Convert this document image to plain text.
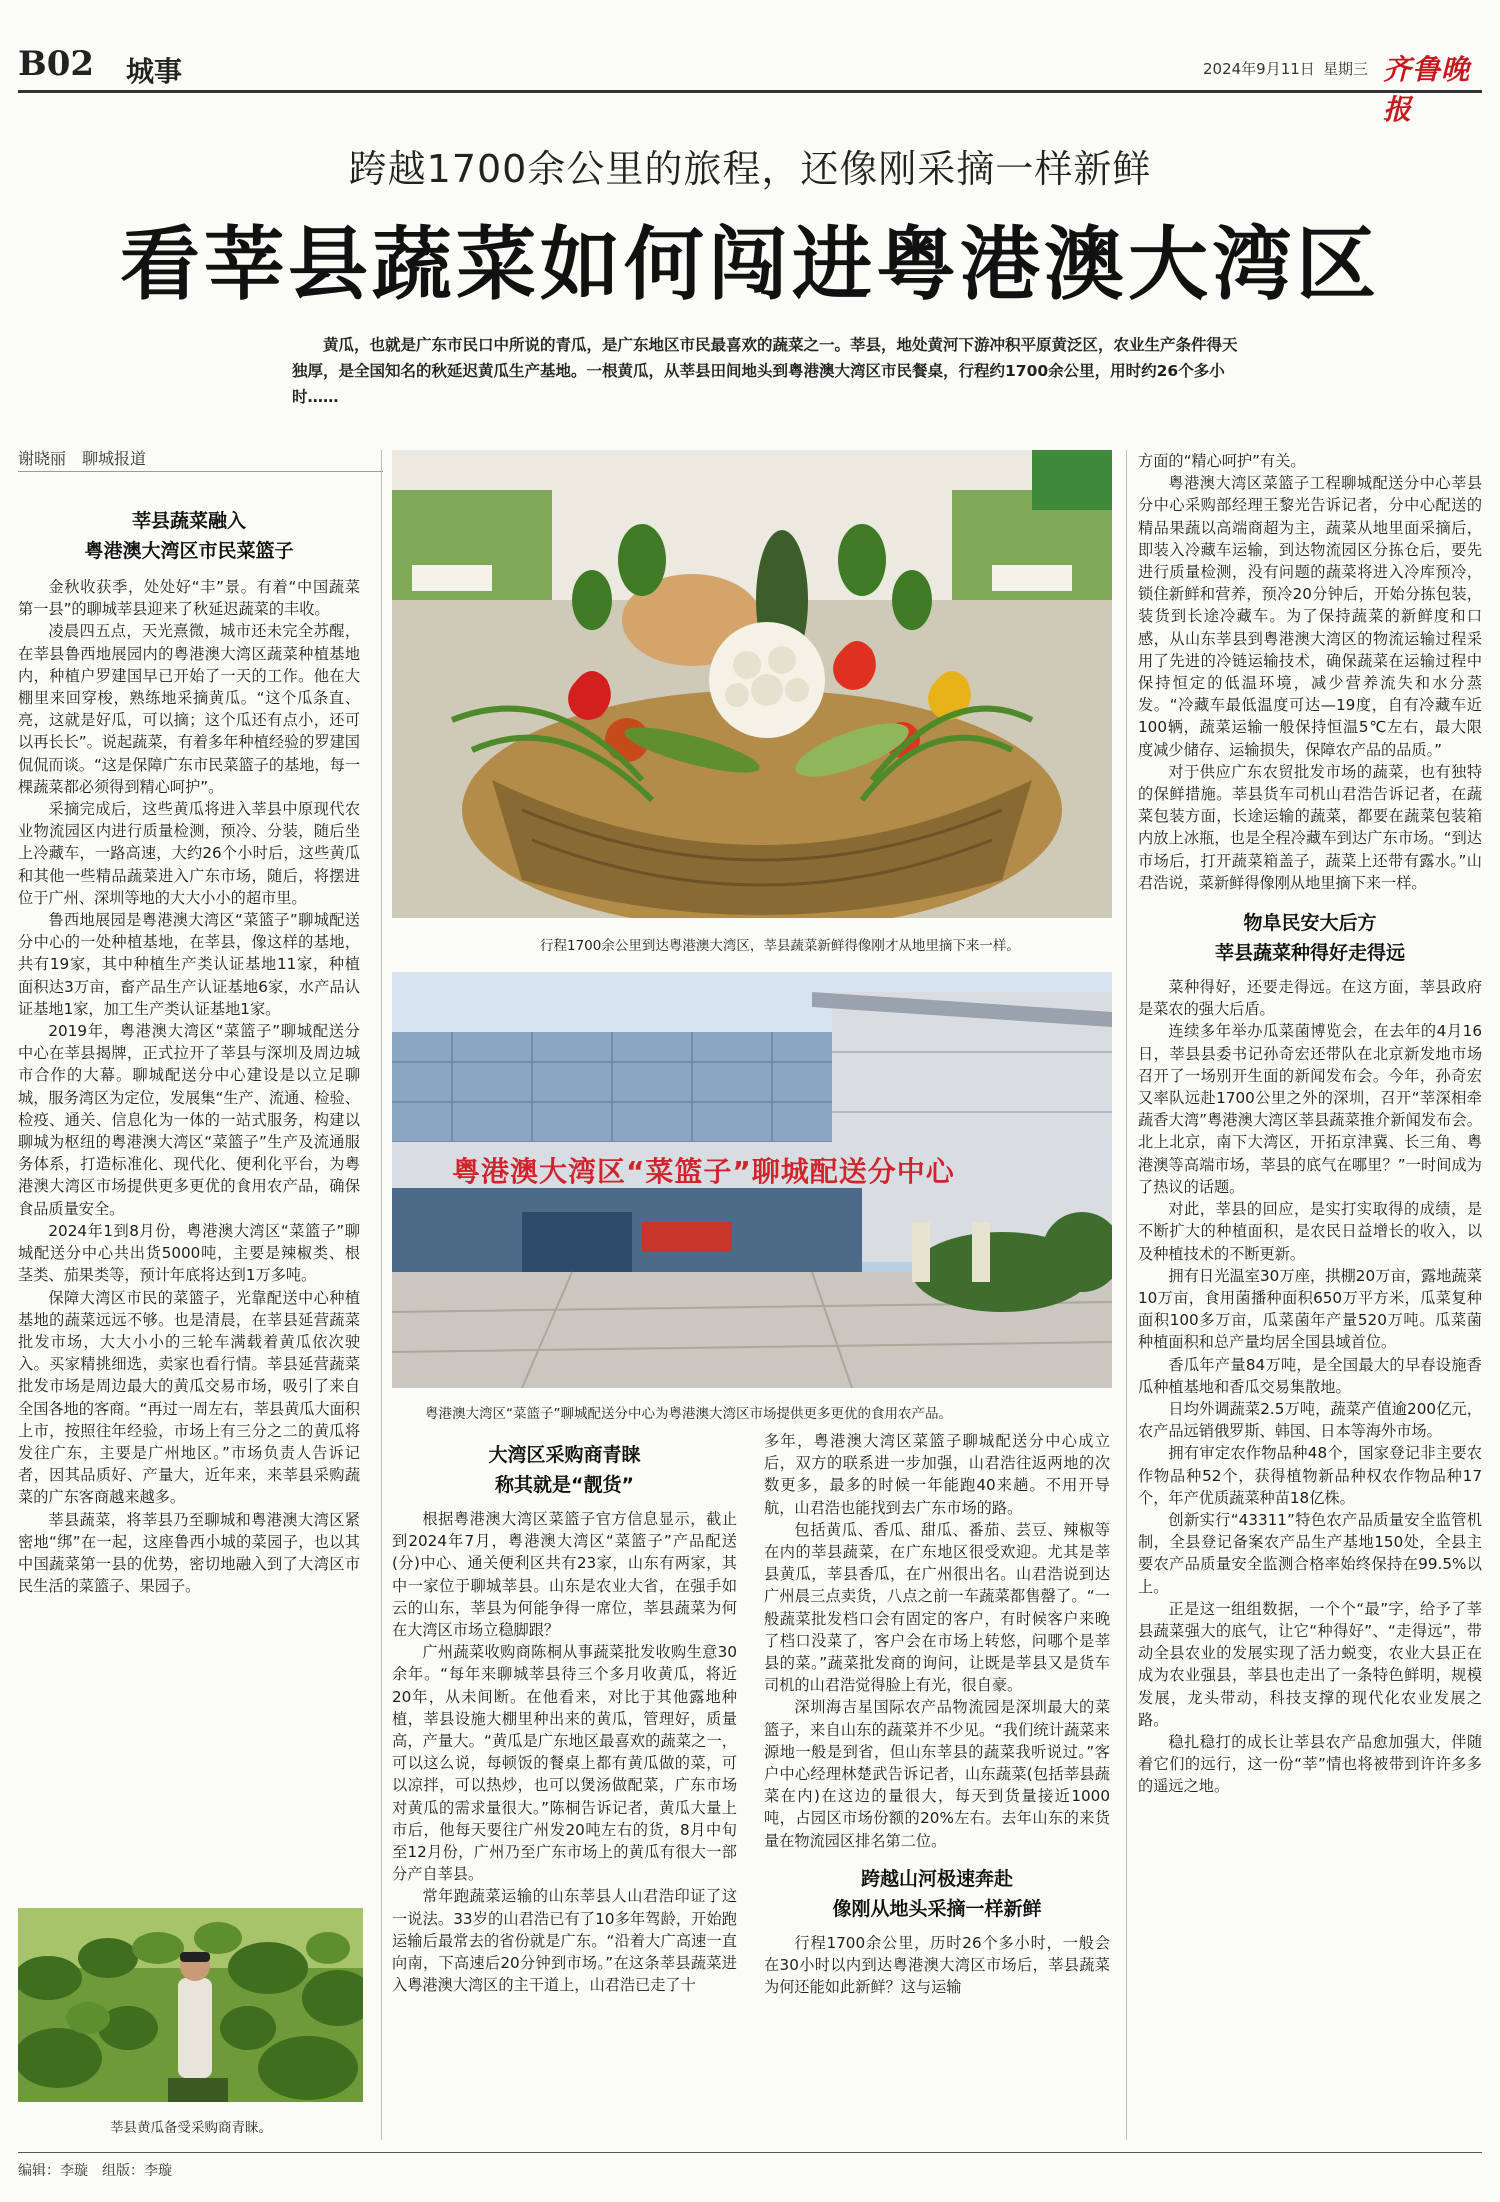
B02 城事	2024年9月11日 星期三 齐鲁晚报
跨越1700余公里的旅程，还像刚采摘一样新鲜
看莘县蔬菜如何闯进粤港澳大湾区
黄瓜，也就是广东市民口中所说的青瓜，是广东地区市民最喜欢的蔬菜之一。莘县，地处黄河下游冲积平原黄泛区，农业生产条件得天独厚，是全国知名的秋延迟黄瓜生产基地。一根黄瓜，从莘县田间地头到粤港澳大湾区市民餐桌，行程约1700余公里，用时约26个多小时……
谢晓丽　聊城报道
莘县蔬菜融入
粤港澳大湾区市民菜篮子

金秋收获季，处处好“丰”景。有着“中国蔬菜第一县”的聊城莘县迎来了秋延迟蔬菜的丰收。

凌晨四五点，天光熹微，城市还未完全苏醒，在莘县鲁西地展园内的粤港澳大湾区蔬菜种植基地内，种植户罗建国早已开始了一天的工作。他在大棚里来回穿梭，熟练地采摘黄瓜。“这个瓜条直、亮，这就是好瓜，可以摘；这个瓜还有点小，还可以再长长”。说起蔬菜，有着多年种植经验的罗建国侃侃而谈。“这是保障广东市民菜篮子的基地，每一棵蔬菜都必须得到精心呵护”。

采摘完成后，这些黄瓜将进入莘县中原现代农业物流园区内进行质量检测，预冷、分装，随后坐上冷藏车，一路高速，大约26个小时后，这些黄瓜和其他一些精品蔬菜进入广东市场，随后，将摆进位于广州、深圳等地的大大小小的超市里。

鲁西地展园是粤港澳大湾区“菜篮子”聊城配送分中心的一处种植基地，在莘县，像这样的基地，共有19家，其中种植生产类认证基地11家，种植面积达3万亩，畜产品生产认证基地6家，水产品认证基地1家，加工生产类认证基地1家。

2019年，粤港澳大湾区“菜篮子”聊城配送分中心在莘县揭牌，正式拉开了莘县与深圳及周边城市合作的大幕。聊城配送分中心建设是以立足聊城，服务湾区为定位，发展集“生产、流通、检验、检疫、通关、信息化为一体的一站式服务，构建以聊城为枢纽的粤港澳大湾区“菜篮子”生产及流通服务体系，打造标准化、现代化、便利化平台，为粤港澳大湾区市场提供更多更优的食用农产品，确保食品质量安全。

2024年1到8月份，粤港澳大湾区“菜篮子”聊城配送分中心共出货5000吨，主要是辣椒类、根茎类、茄果类等，预计年底将达到1万多吨。

保障大湾区市民的菜篮子，光靠配送中心种植基地的蔬菜远远不够。也是清晨，在莘县延营蔬菜批发市场，大大小小的三轮车满载着黄瓜依次驶入。买家精挑细选，卖家也看行情。莘县延营蔬菜批发市场是周边最大的黄瓜交易市场，吸引了来自全国各地的客商。“再过一周左右，莘县黄瓜大面积上市，按照往年经验，市场上有三分之二的黄瓜将发往广东，主要是广州地区。”市场负责人告诉记者，因其品质好、产量大，近年来，来莘县采购蔬菜的广东客商越来越多。

莘县蔬菜，将莘县乃至聊城和粤港澳大湾区紧密地“绑”在一起，这座鲁西小城的菜园子，也以其中国蔬菜第一县的优势，密切地融入到了大湾区市民生活的菜篮子、果园子。

莘县黄瓜备受采购商青睐。
行程1700余公里到达粤港澳大湾区，莘县蔬菜新鲜得像刚才从地里摘下来一样。
粤港澳大湾区“菜篮子”聊城配送分中心
粤港澳大湾区“菜篮子”聊城配送分中心为粤港澳大湾区市场提供更多更优的食用农产品。
大湾区采购商青睐
称其就是“靓货”

根据粤港澳大湾区菜篮子官方信息显示，截止到2024年7月，粤港澳大湾区“菜篮子”产品配送(分)中心、通关便利区共有23家，山东有两家，其中一家位于聊城莘县。山东是农业大省，在强手如云的山东，莘县为何能争得一席位，莘县蔬菜为何在大湾区市场立稳脚跟？

广州蔬菜收购商陈桐从事蔬菜批发收购生意30余年。“每年来聊城莘县待三个多月收黄瓜，将近20年，从未间断。在他看来，对比于其他露地种植，莘县设施大棚里种出来的黄瓜，管理好，质量高，产量大。“黄瓜是广东地区最喜欢的蔬菜之一，可以这么说，每顿饭的餐桌上都有黄瓜做的菜，可以凉拌，可以热炒，也可以煲汤做配菜，广东市场对黄瓜的需求量很大。”陈桐告诉记者，黄瓜大量上市后，他每天要往广州发20吨左右的货，8月中旬至12月份，广州乃至广东市场上的黄瓜有很大一部分产自莘县。

常年跑蔬菜运输的山东莘县人山君浩印证了这一说法。33岁的山君浩已有了10多年驾龄，开始跑运输后最常去的省份就是广东。“沿着大广高速一直向南，下高速后20分钟到市场。”在这条莘县蔬菜进入粤港澳大湾区的主干道上，山君浩已走了十

多年，粤港澳大湾区菜篮子聊城配送分中心成立后，双方的联系进一步加强，山君浩往返两地的次数更多，最多的时候一年能跑40来趟。不用开导航，山君浩也能找到去广东市场的路。

包括黄瓜、香瓜、甜瓜、番茄、芸豆、辣椒等在内的莘县蔬菜，在广东地区很受欢迎。尤其是莘县黄瓜，莘县香瓜，在广州很出名。山君浩说到达广州晨三点卖货，八点之前一车蔬菜都售罄了。“一般蔬菜批发档口会有固定的客户，有时候客户来晚了档口没菜了，客户会在市场上转悠，问哪个是莘县的菜。”蔬菜批发商的询问，让既是莘县又是货车司机的山君浩觉得脸上有光，很自豪。

深圳海吉星国际农产品物流园是深圳最大的菜篮子，来自山东的蔬菜并不少见。“我们统计蔬菜来源地一般是到省，但山东莘县的蔬菜我听说过。”客户中心经理林楚武告诉记者，山东蔬菜(包括莘县蔬菜在内)在这边的量很大，每天到货量接近1000吨，占园区市场份额的20%左右。去年山东的来货量在物流园区排名第二位。

跨越山河极速奔赴
像刚从地头采摘一样新鲜

行程1700余公里，历时26个多小时，一般会在30小时以内到达粤港澳大湾区市场后，莘县蔬菜为何还能如此新鲜？这与运输

方面的“精心呵护”有关。

粤港澳大湾区菜篮子工程聊城配送分中心莘县分中心采购部经理王黎光告诉记者，分中心配送的精品果蔬以高端商超为主，蔬菜从地里面采摘后，即装入冷藏车运输，到达物流园区分拣仓后，要先进行质量检测，没有问题的蔬菜将进入冷库预冷，锁住新鲜和营养，预冷20分钟后，开始分拣包装，装货到长途冷藏车。为了保持蔬菜的新鲜度和口感，从山东莘县到粤港澳大湾区的物流运输过程采用了先进的冷链运输技术，确保蔬菜在运输过程中保持恒定的低温环境，减少营养流失和水分蒸发。“冷藏车最低温度可达—19度，自有冷藏车近100辆，蔬菜运输一般保持恒温5℃左右，最大限度减少储存、运输损失，保障农产品的品质。”

对于供应广东农贸批发市场的蔬菜，也有独特的保鲜措施。莘县货车司机山君浩告诉记者，在蔬菜包装方面，长途运输的蔬菜，都要在蔬菜包装箱内放上冰瓶，也是全程冷藏车到达广东市场。“到达市场后，打开蔬菜箱盖子，蔬菜上还带有露水。”山君浩说，菜新鲜得像刚从地里摘下来一样。

物阜民安大后方
莘县蔬菜种得好走得远

菜种得好，还要走得远。在这方面，莘县政府是菜农的强大后盾。

连续多年举办瓜菜菌博览会，在去年的4月16日，莘县县委书记孙奇宏还带队在北京新发地市场召开了一场别开生面的新闻发布会。今年，孙奇宏又率队远赴1700公里之外的深圳，召开“莘深相牵 蔬香大湾”粤港澳大湾区莘县蔬菜推介新闻发布会。北上北京，南下大湾区，开拓京津冀、长三角、粤港澳等高端市场，莘县的底气在哪里？”一时间成为了热议的话题。

对此，莘县的回应，是实打实取得的成绩，是不断扩大的种植面积，是农民日益增长的收入，以及种植技术的不断更新。

拥有日光温室30万座，拱棚20万亩，露地蔬菜10万亩，食用菌播种面积650万平方米，瓜菜复种面积100多万亩，瓜菜菌年产量520万吨。瓜菜菌种植面积和总产量均居全国县域首位。

香瓜年产量84万吨，是全国最大的早春设施香瓜种植基地和香瓜交易集散地。

日均外调蔬菜2.5万吨，蔬菜产值逾200亿元，农产品远销俄罗斯、韩国、日本等海外市场。

拥有审定农作物品种48个，国家登记非主要农作物品种52个，获得植物新品种权农作物品种17个，年产优质蔬菜种苗18亿株。

创新实行“43311”特色农产品质量安全监管机制，全县登记备案农产品生产基地150处，全县主要农产品质量安全监测合格率始终保持在99.5%以上。

正是这一组组数据，一个个“最”字，给予了莘县蔬菜强大的底气，让它“种得好”、“走得远”，带动全县农业的发展实现了活力蜕变，农业大县正在成为农业强县，莘县也走出了一条特色鲜明，规模发展，龙头带动，科技支撑的现代化农业发展之路。

稳扎稳打的成长让莘县农产品愈加强大，伴随着它们的远行，这一份“莘”情也将被带到许许多多的遥远之地。

编辑：李璇　组版：李璇
